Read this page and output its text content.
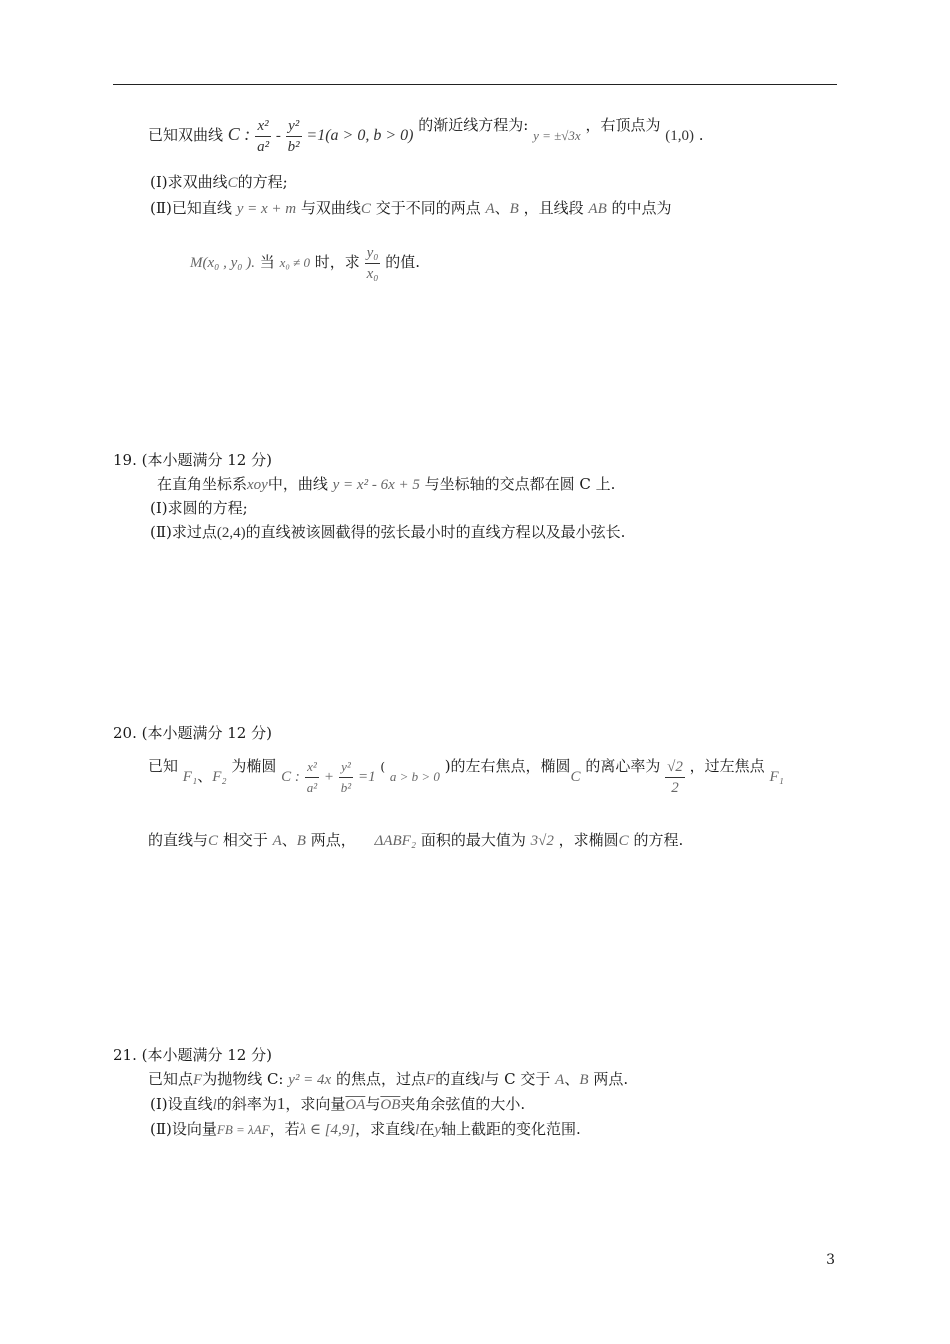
已知双曲线 C : $\frac{\text{x²}}{\text{a²}} - \frac{\text{y²}}{\text{b²}} =1(a > 0$, b > 0) 的渐近线方程为: y = ±√3x ，右顶点为 (1,0) .
(Ⅰ)求双曲线C的方程;
(Ⅱ)已知直线 y = x + m 与双曲线C 交于不同的两点 A、B ，且线段 AB 的中点为
M(x₀ , y₀ ). 当 x₀ ≠ 0 时，求 $\frac{\text{y₀}}{\text{x₀}}$ 的值.
19. (本小题满分 12 分)
在直角坐标系xoy中，曲线 y = x² - 6x + 5 与坐标轴的交点都在圆 C 上.
(Ⅰ)求圆的方程;
(Ⅱ)求过点(2,4)的直线被该圆截得的弦长最小时的直线方程以及最小弦长.
20. (本小题满分 12 分)
已知 F₁、F₂ 为椭圆 C : $\frac{\text{x²}}{\text{a²}} + \frac{\text{y²}}{\text{b²}} =1$ ( a > b > 0 )的左右焦点，椭圆C 的离心率为 $\frac{√2}{2}$ ，过左焦点 F₁
的直线与C 相交于 A、B 两点， ΔABF₂ 面积的最大值为 3√2 ，求椭圆C 的方程.
21. (本小题满分 12 分)
已知点F为抛物线 C: y² = 4x 的焦点，过点F的直线l与 C 交于 A、B 两点.
(Ⅰ)设直线l的斜率为1，求向量$\overline{OA}$与$\overline{OB}$夹角余弦值的大小.
(Ⅱ)设向量FB = λAF，若λ ∈ [4,9]，求直线l在y轴上截距的变化范围.
3
